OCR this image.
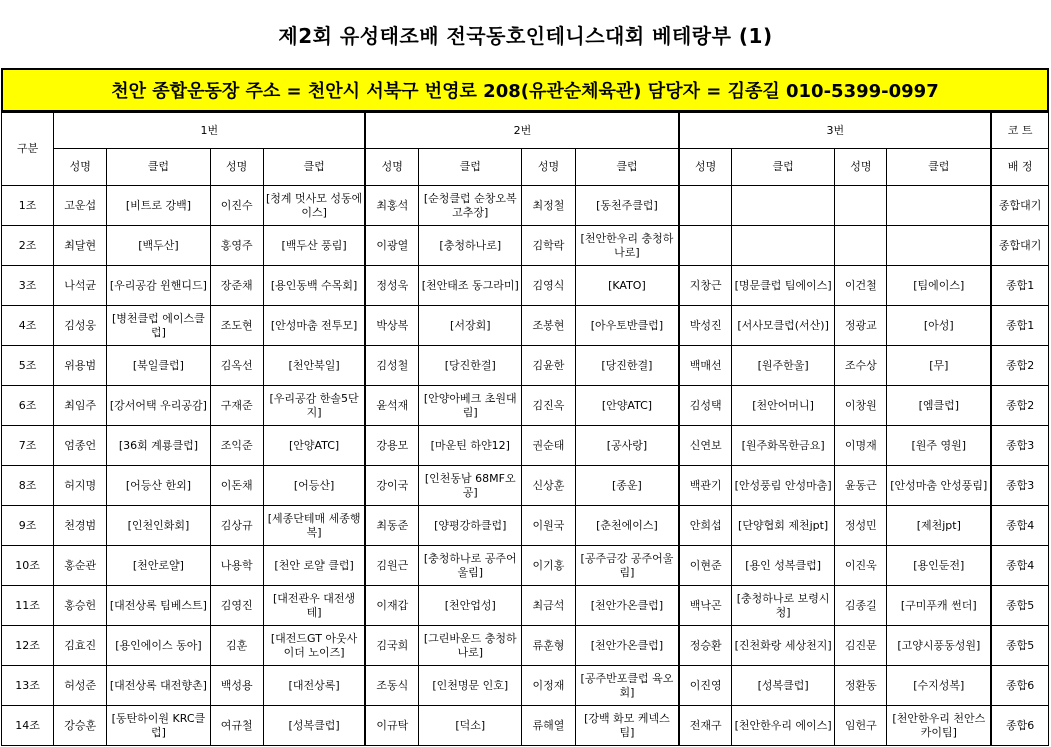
제2회 유성태조배 전국동호인테니스대회 베테랑부 (1)
천안 종합운동장 주소 = 천안시 서북구 번영로 208(유관순체육관) 담당자 = 김종길 010-5399-0997
구분	1번				2번				3번				코 트
	성명	클럽	성명	클럽	성명	클럽	성명	클럽	성명	클럽	성명	클럽	배 정
1조	고운섭	[비트로 강백]	이진수	[청계 멋사모 성동에이스]	최홍석	[순청클럽 순창오복고추장]	최정철	[동천주클럽]					종합대기
2조	최달현	[백두산]	홍영주	[백두산 풍림]	이광열	[충청하나로]	김학락	[천안한우리 충청하나로]					종합대기
3조	나석균	[우리공감 윈핸디드]	장준채	[용인동백 수목회]	정성욱	[천안태조 동그라미]	김영식	[KATO]	지창근	[명문클럽 팀에이스]	이건철	[팀에이스]	종합1
4조	김성웅	[병천클럽 에이스클럽]	조도현	[안성마춤 전투모]	박상복	[서장회]	조봉현	[아우토반클럽]	박성진	[서사모클럽(서산)]	정광교	[아성]	종합1
5조	위용범	[북일클럽]	김옥선	[천안북일]	김성철	[당진한결]	김윤한	[당진한결]	백매선	[원주한울]	조수상	[무]	종합2
6조	최임주	[강서어택 우리공감]	구재준	[우리공감 한솔5단지]	윤석재	[안양아베크 초원대림]	김진옥	[안양ATC]	김성택	[천안어머니]	이창원	[엠클럽]	종합2
7조	엄종언	[36회 계룡클럽]	조익준	[안양ATC]	강용모	[마운틴 하얀12]	권순태	[공사랑]	신연보	[원주화목한금요]	이명재	[원주 영원]	종합3
8조	허지명	[어등산 한외]	이돈채	[어등산]	강이국	[인천동남 68MF오공]	신상훈	[종운]	백관기	[안성풍림 안성마춤]	윤동근	[안성마춤 안성풍림]	종합3
9조	천경범	[인천인화회]	김상규	[세종단테매 세종행복]	최동준	[양평강하클럽]	이원국	[춘천에이스]	안희섭	[단양협회 제천jpt]	정성민	[제천jpt]	종합4
10조	홍순관	[천안로얄]	나용학	[천안 로얄 클럽]	김원근	[충청하나로 공주어울림]	이기홍	[공주금강 공주어울림]	이현준	[용인 성복클럽]	이진욱	[용인둔전]	종합4
11조	홍승헌	[대전상록 팀베스트]	김영진	[대전관우 대전생테]	이재갑	[천안업성]	최금석	[천안가온클럽]	백낙곤	[충청하나로 보령시청]	김종길	[구미푸캐 썬더]	종합5
12조	김효진	[용인에이스 동아]	김훈	[대전드GT 아웃사이더 노이즈]	김국희	[그린바운드 충청하나로]	류훈형	[천안가온클럽]	정승환	[진천화랑 세상천지]	김진문	[고양시풍동성원]	종합5
13조	허성준	[대전상록 대전향촌]	백성용	[대전상록]	조동식	[인천명문 인호]	이정재	[공주반포클럽 육오회]	이진영	[성복클럽]	정환동	[수지성복]	종합6
14조	강승훈	[동탄하이원 KRC클럽]	여규철	[성복클럽]	이규탁	[덕소]	류해열	[강백 화모 케넥스팀]	전재구	[천안한우리 에이스]	임헌구	[천안한우리 천안스카이팀]	종합6
